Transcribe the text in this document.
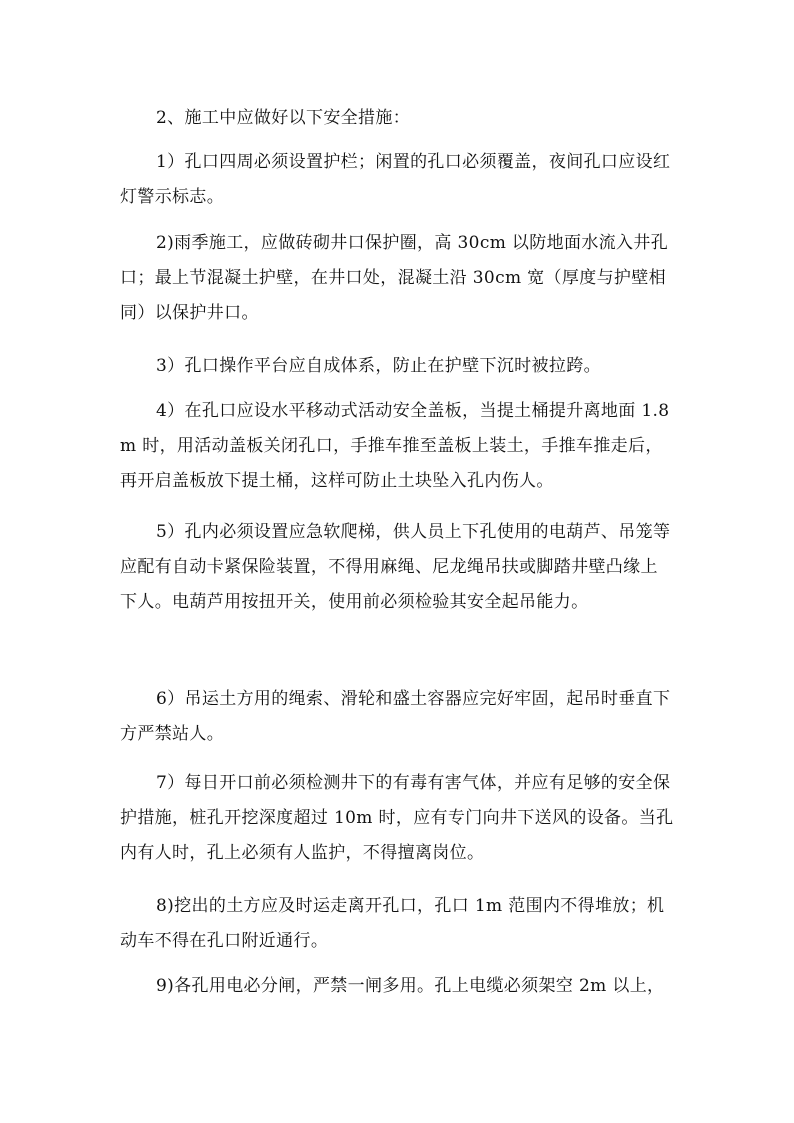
2、施工中应做好以下安全措施：

1）孔口四周必须设置护栏；闲置的孔口必须覆盖，夜间孔口应设红灯警示标志。

2)雨季施工，应做砖砌井口保护圈，高 30cm 以防地面水流入井孔口；最上节混凝土护壁，在井口处，混凝土沿 30cm 宽（厚度与护壁相同）以保护井口。

3）孔口操作平台应自成体系，防止在护壁下沉时被拉跨。

4）在孔口应设水平移动式活动安全盖板，当提土桶提升离地面 1.8m 时，用活动盖板关闭孔口，手推车推至盖板上装土，手推车推走后，再开启盖板放下提土桶，这样可防止土块坠入孔内伤人。

5）孔内必须设置应急软爬梯，供人员上下孔使用的电葫芦、吊笼等应配有自动卡紧保险装置，不得用麻绳、尼龙绳吊扶或脚踏井壁凸缘上下人。电葫芦用按扭开关，使用前必须检验其安全起吊能力。

6）吊运土方用的绳索、滑轮和盛土容器应完好牢固，起吊时垂直下方严禁站人。

7）每日开口前必须检测井下的有毒有害气体，并应有足够的安全保护措施，桩孔开挖深度超过 10m 时，应有专门向井下送风的设备。当孔内有人时，孔上必须有人监护，不得擅离岗位。

8)挖出的土方应及时运走离开孔口，孔口 1m 范围内不得堆放；机动车不得在孔口附近通行。

9)各孔用电必分闸，严禁一闸多用。孔上电缆必须架空 2m 以上，
